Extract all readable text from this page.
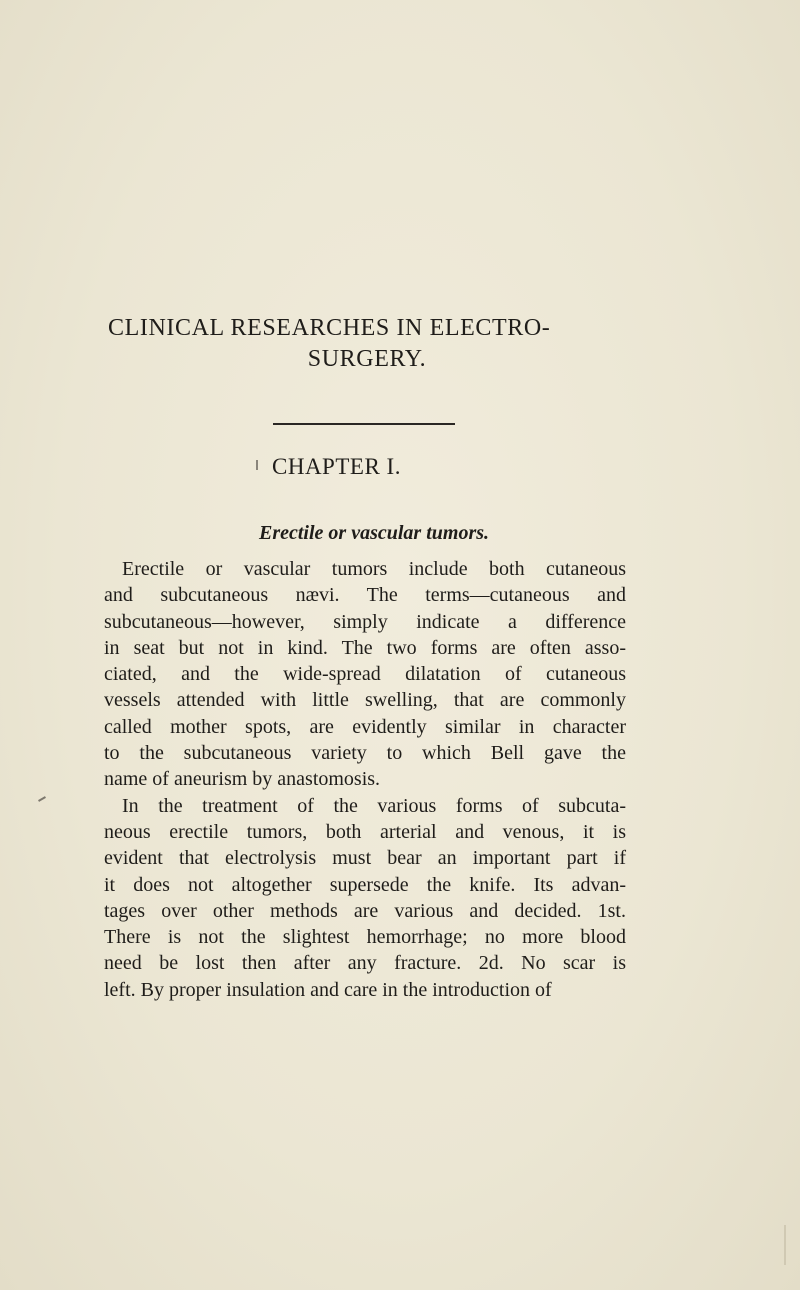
CLINICAL RESEARCHES IN ELECTRO-
SURGERY.
CHAPTER I.
Erectile or vascular tumors.

Erectile or vascular tumors include both cutaneous
and subcutaneous nævi. The terms—cutaneous and
subcutaneous—however, simply indicate a difference
in seat but not in kind. The two forms are often asso-
ciated, and the wide-spread dilatation of cutaneous
vessels attended with little swelling, that are commonly
called mother spots, are evidently similar in character
to the subcutaneous variety to which Bell gave the
name of aneurism by anastomosis.

In the treatment of the various forms of subcuta-
neous erectile tumors, both arterial and venous, it is
evident that electrolysis must bear an important part if
it does not altogether supersede the knife. Its advan-
tages over other methods are various and decided. 1st.
There is not the slightest hemorrhage; no more blood
need be lost then after any fracture. 2d. No scar is
left. By proper insulation and care in the introduction of
